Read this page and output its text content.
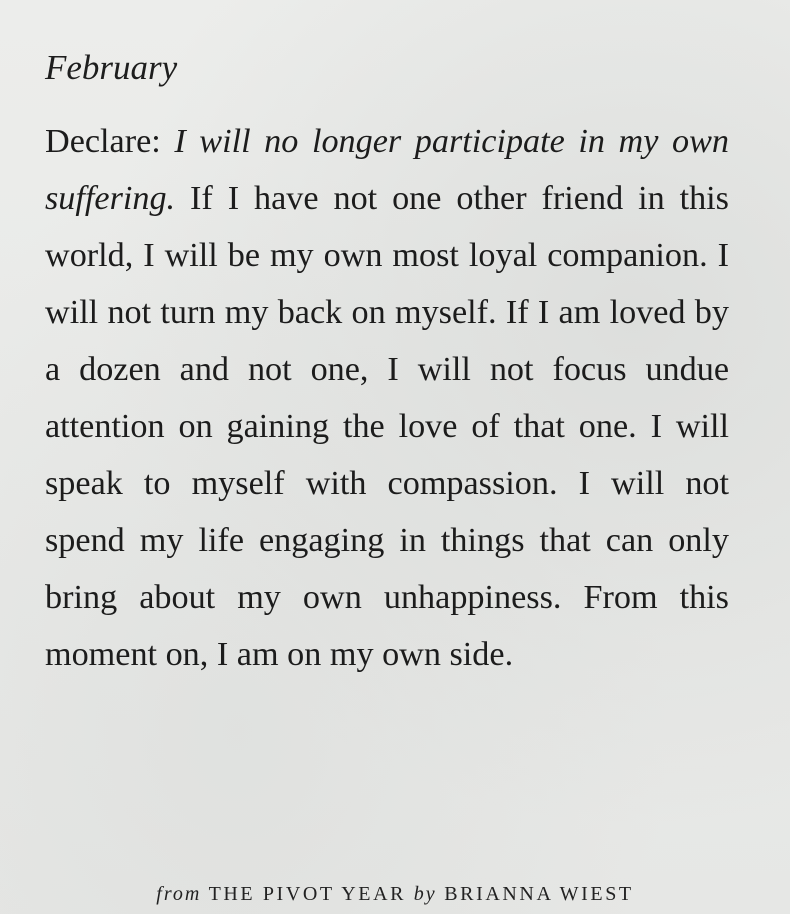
February

Declare: I will no longer participate in my own suffering. If I have not one other friend in this world, I will be my own most loyal companion. I will not turn my back on myself. If I am loved by a dozen and not one, I will not focus undue attention on gaining the love of that one. I will speak to myself with compassion. I will not spend my life engaging in things that can only bring about my own unhappiness. From this moment on, I am on my own side.

from THE PIVOT YEAR by BRIANNA WIEST
